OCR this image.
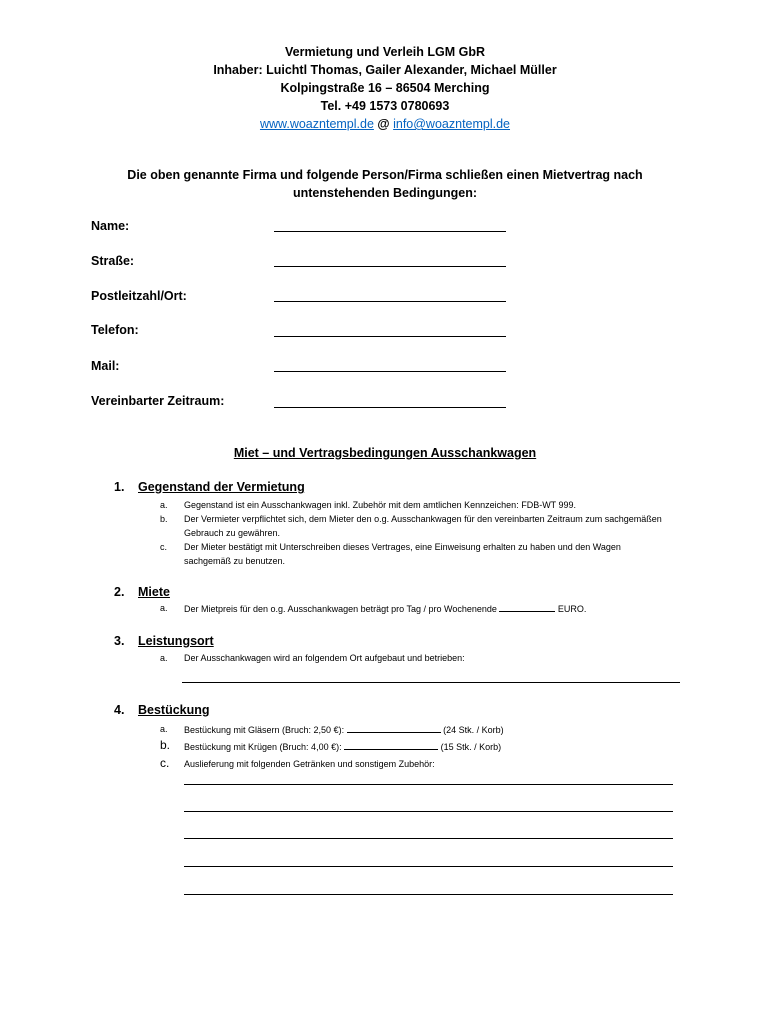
Vermietung und Verleih LGM GbR
Inhaber: Luichtl Thomas, Gailer Alexander, Michael Müller
Kolpingstraße 16 – 86504 Merching
Tel. +49 1573 0780693
www.woazntempl.de @ info@woazntempl.de
Die oben genannte Firma und folgende Person/Firma schließen einen Mietvertrag nach untenstehenden Bedingungen:
Name:
Straße:
Postleitzahl/Ort:
Telefon:
Mail:
Vereinbarter Zeitraum:
Miet – und Vertragsbedingungen Ausschankwagen
1. Gegenstand der Vermietung
a.	Gegenstand ist ein Ausschankwagen inkl. Zubehör mit dem amtlichen Kennzeichen: FDB-WT 999.
b.	Der Vermieter verpflichtet sich, dem Mieter den o.g. Ausschankwagen für den vereinbarten Zeitraum zum sachgemäßen Gebrauch zu gewähren.
c.	Der Mieter bestätigt mit Unterschreiben dieses Vertrages, eine Einweisung erhalten zu haben und den Wagen sachgemäß zu benutzen.
2. Miete
a.	Der Mietpreis für den o.g. Ausschankwagen beträgt pro Tag / pro Wochenende	EURO.
3. Leistungsort
a.	Der Ausschankwagen wird an folgendem Ort aufgebaut und betrieben:
4. Bestückung
a.	Bestückung mit Gläsern (Bruch: 2,50 €):	(24 Stk. / Korb)
b.	Bestückung mit Krügen (Bruch: 4,00 €):	(15 Stk. / Korb)
c.	Auslieferung mit folgenden Getränken und sonstigem Zubehör:
